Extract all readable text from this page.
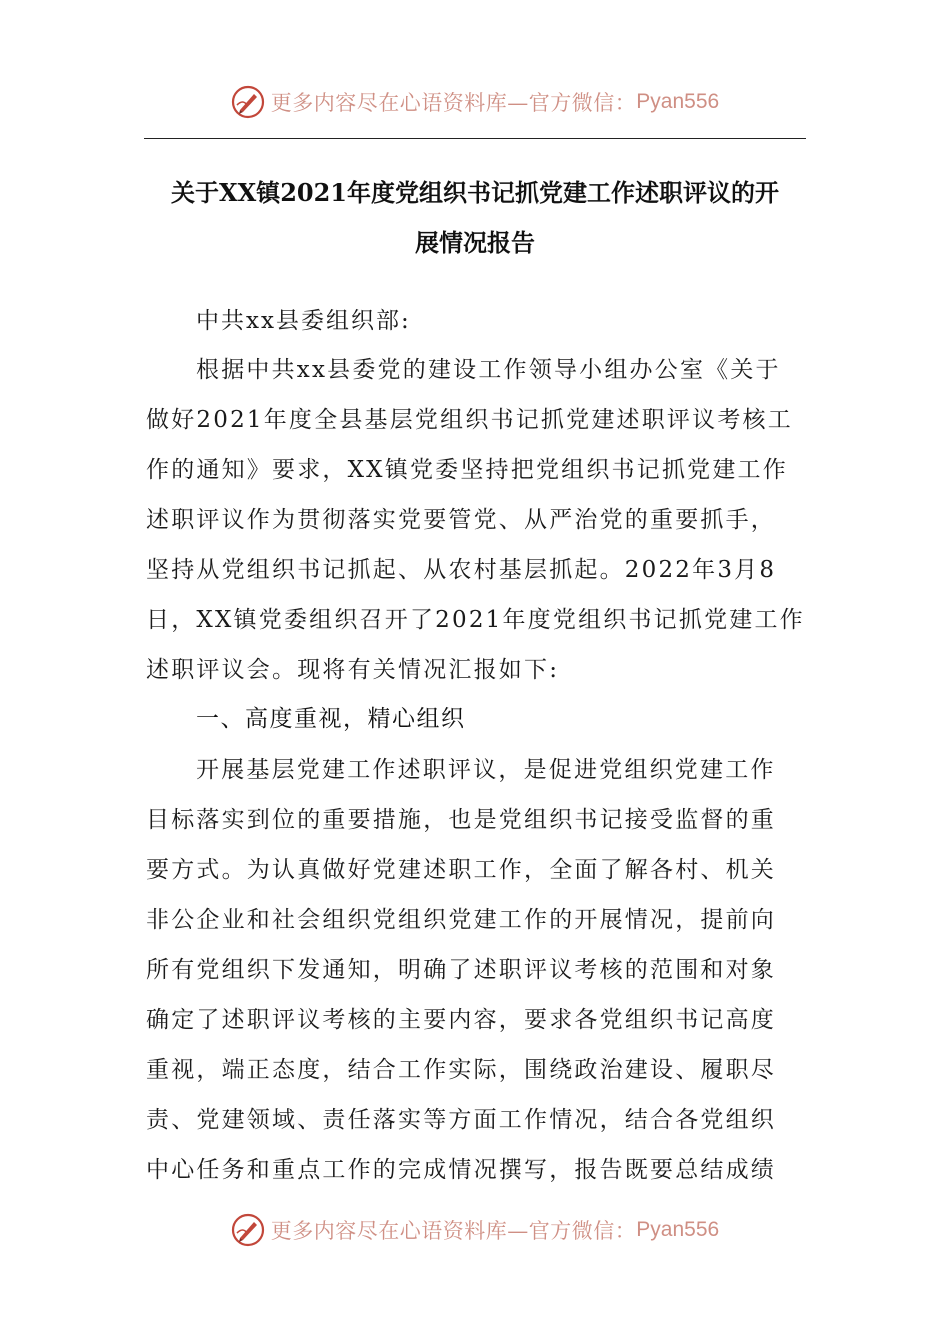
更多内容尽在心语资料库—官方微信： Pyan556
关于XX镇2021年度党组织书记抓党建工作述职评议的开
展情况报告
中共xx县委组织部:
根据中共xx县委党的建设工作领导小组办公室《关于
做好2021年度全县基层党组织书记抓党建述职评议考核工
作的通知》要求，XX镇党委坚持把党组织书记抓党建工作
述职评议作为贯彻落实党要管党、从严治党的重要抓手，
坚持从党组织书记抓起、从农村基层抓起。2022年3月8
日，XX镇党委组织召开了2021年度党组织书记抓党建工作
述职评议会。现将有关情况汇报如下:
一、高度重视，精心组织
开展基层党建工作述职评议，是促进党组织党建工作
目标落实到位的重要措施，也是党组织书记接受监督的重
要方式。为认真做好党建述职工作，全面了解各村、机关
非公企业和社会组织党组织党建工作的开展情况，提前向
所有党组织下发通知，明确了述职评议考核的范围和对象
确定了述职评议考核的主要内容，要求各党组织书记高度
重视，端正态度，结合工作实际，围绕政治建设、履职尽
责、党建领域、责任落实等方面工作情况，结合各党组织
中心任务和重点工作的完成情况撰写，报告既要总结成绩
更多内容尽在心语资料库—官方微信： Pyan556
